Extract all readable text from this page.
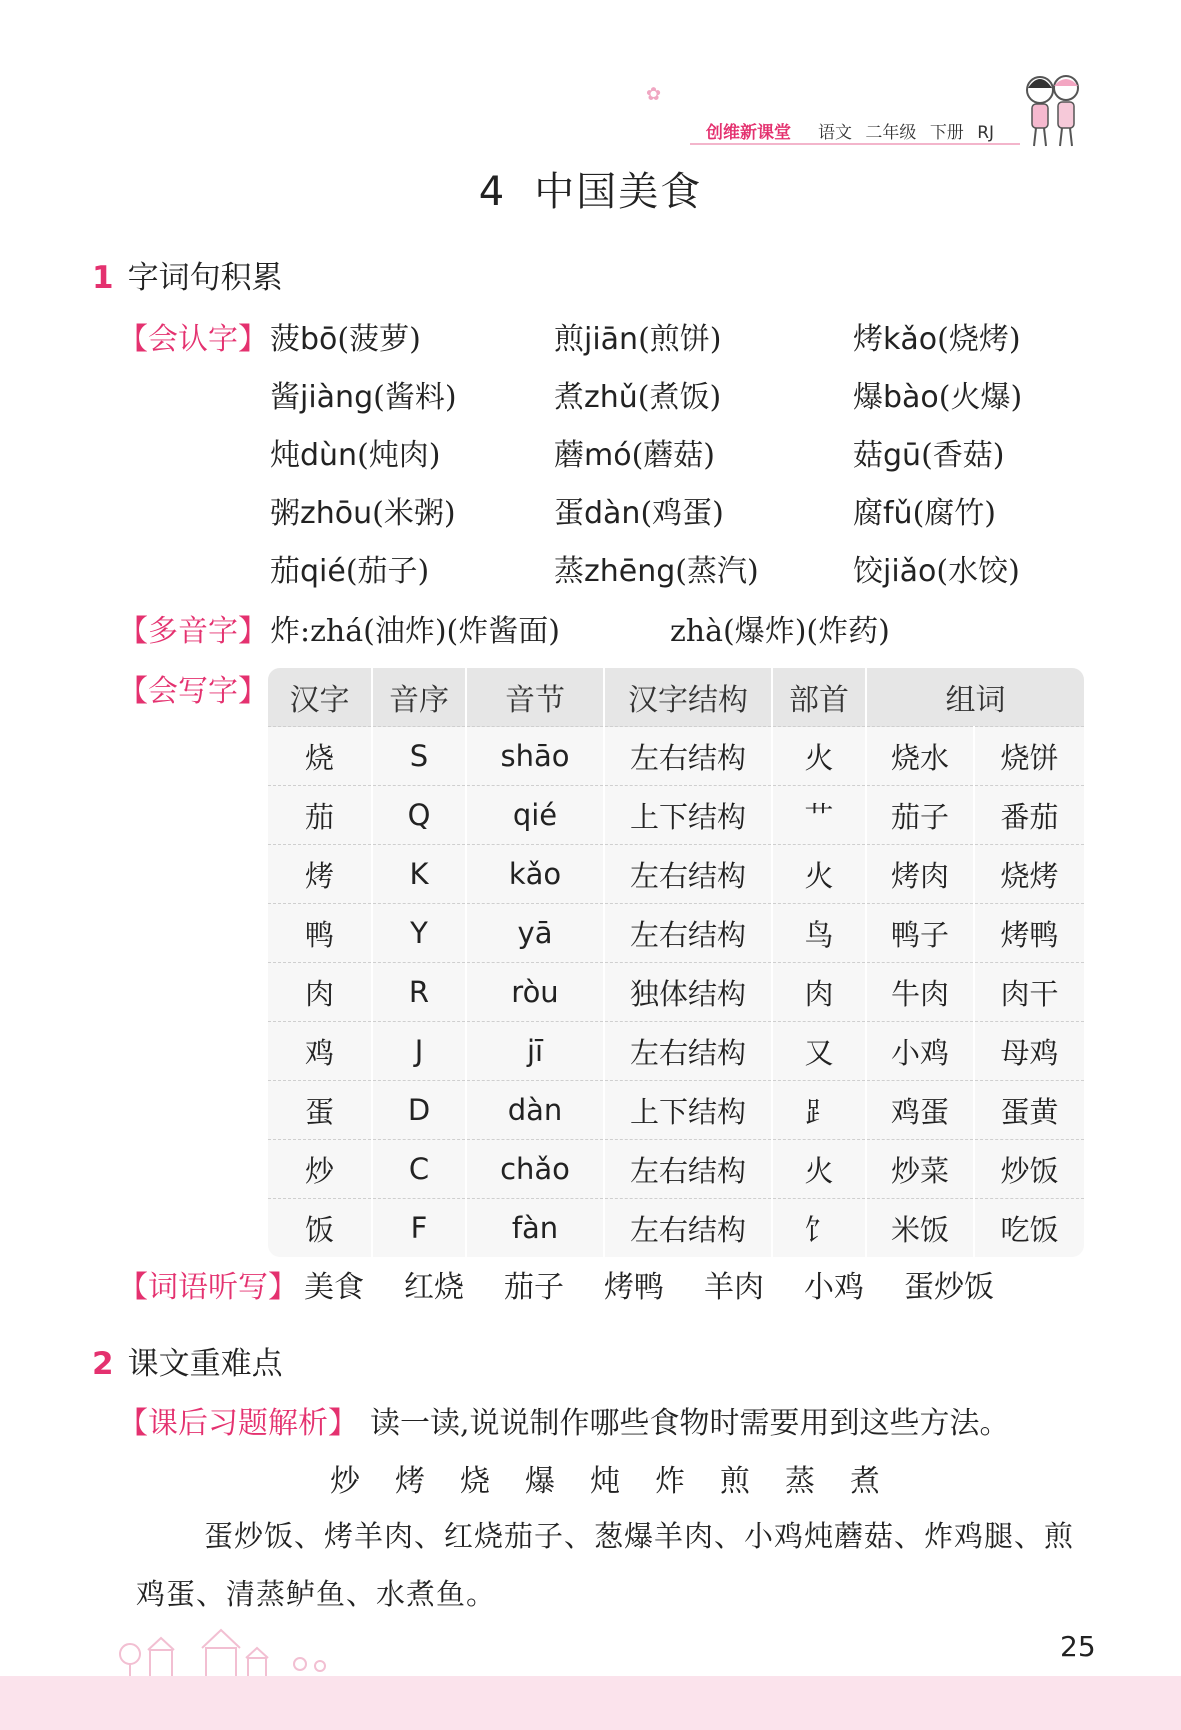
✿
创维新课堂 语文 二年级 下册 RJ
4 中国美食
1 字词句积累
【会认字】 菠bō(菠萝)	煎jiān(煎饼)	烤kǎo(烧烤)
酱jiàng(酱料)	煮zhǔ(煮饭)	爆bào(火爆)
炖dùn(炖肉)	蘑mó(蘑菇)	菇gū(香菇)
粥zhōu(米粥)	蛋dàn(鸡蛋)	腐fǔ(腐竹)
茄qié(茄子)	蒸zhēng(蒸汽)	饺jiǎo(水饺)
【多音字】 炸:zhá(油炸)(炸酱面)	zhà(爆炸)(炸药)
【会写字】 汉字	音序	音节	汉字结构	部首	组词	
烧	S	shāo	左右结构	火	烧水	烧饼
茄	Q	qié	上下结构	艹	茄子	番茄
烤	K	kǎo	左右结构	火	烤肉	烧烤
鸭	Y	yā	左右结构	鸟	鸭子	烤鸭
肉	R	ròu	独体结构	肉	牛肉	肉干
鸡	J	jī	左右结构	又	小鸡	母鸡
蛋	D	dàn	上下结构	⻊	鸡蛋	蛋黄
炒	C	chǎo	左右结构	火	炒菜	炒饭
饭	F	fàn	左右结构	饣	米饭	吃饭
【词语听写】 美食 红烧 茄子 烤鸭 羊肉 小鸡 蛋炒饭
2 课文重难点
【课后习题解析】 读一读,说说制作哪些食物时需要用到这些方法。
炒 烤 烧 爆 炖 炸 煎 蒸 煮
蛋炒饭、烤羊肉、红烧茄子、葱爆羊肉、小鸡炖蘑菇、炸鸡腿、煎
鸡蛋、清蒸鲈鱼、水煮鱼。
25
